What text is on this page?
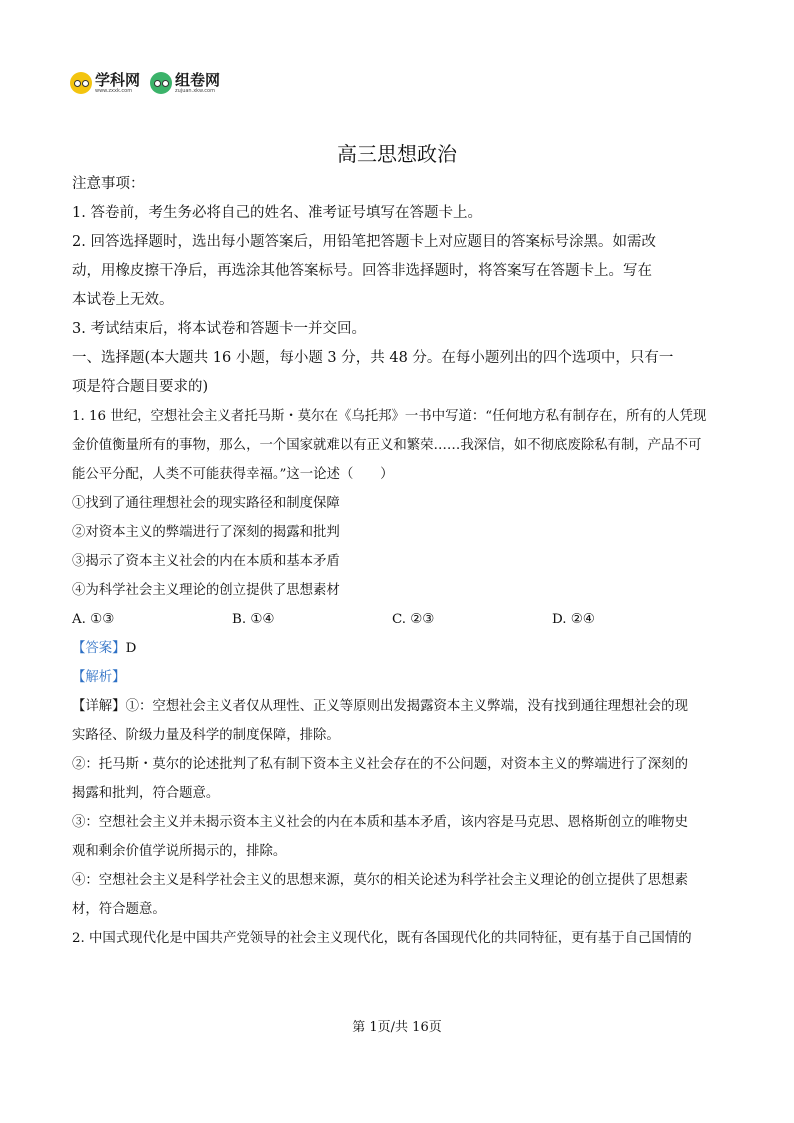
学科网
www.zxxk.com
组卷网
zujuan.xkw.com
高三思想政治

注意事项：

1. 答卷前，考生务必将自己的姓名、准考证号填写在答题卡上。

2. 回答选择题时，选出每小题答案后，用铅笔把答题卡上对应题目的答案标号涂黑。如需改

动，用橡皮擦干净后，再选涂其他答案标号。回答非选择题时，将答案写在答题卡上。写在

本试卷上无效。

3. 考试结束后，将本试卷和答题卡一并交回。

一、选择题(本大题共 16 小题，每小题 3 分，共 48 分。在每小题列出的四个选项中，只有一

项是符合题目要求的)

1. 16 世纪，空想社会主义者托马斯・莫尔在《乌托邦》一书中写道：“任何地方私有制存在，所有的人凭现

金价值衡量所有的事物，那么，一个国家就难以有正义和繁荣……我深信，如不彻底废除私有制，产品不可

能公平分配，人类不可能获得幸福。”这一论述（　　）

①找到了通往理想社会的现实路径和制度保障

②对资本主义的弊端进行了深刻的揭露和批判

③揭示了资本主义社会的内在本质和基本矛盾

④为科学社会主义理论的创立提供了思想素材

A. ①③	B. ①④	C. ②③	D. ②④

【答案】D

【解析】

【详解】①：空想社会主义者仅从理性、正义等原则出发揭露资本主义弊端，没有找到通往理想社会的现

实路径、阶级力量及科学的制度保障，排除。

②：托马斯・莫尔的论述批判了私有制下资本主义社会存在的不公问题，对资本主义的弊端进行了深刻的

揭露和批判，符合题意。

③：空想社会主义并未揭示资本主义社会的内在本质和基本矛盾，该内容是马克思、恩格斯创立的唯物史

观和剩余价值学说所揭示的，排除。

④：空想社会主义是科学社会主义的思想来源，莫尔的相关论述为科学社会主义理论的创立提供了思想素

材，符合题意。

2. 中国式现代化是中国共产党领导的社会主义现代化，既有各国现代化的共同特征，更有基于自己国情的

第 1页/共 16页
